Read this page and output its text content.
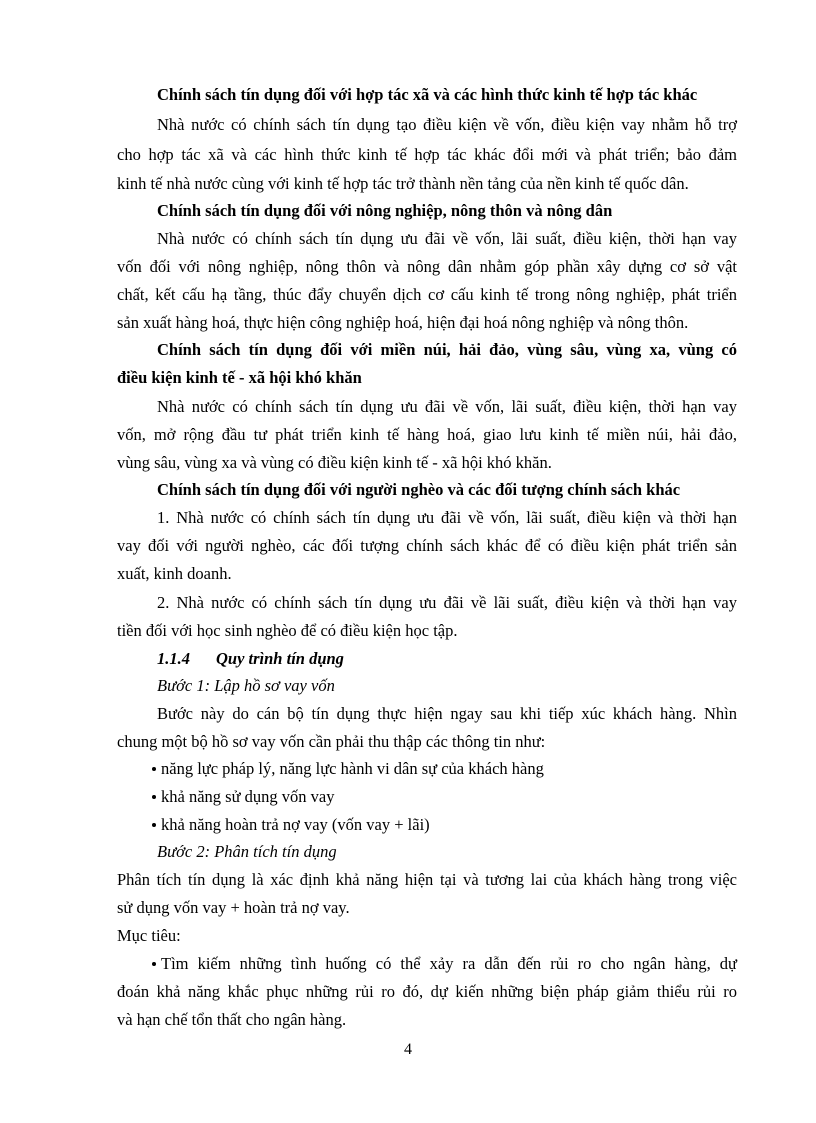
Chính sách tín dụng đối với hợp tác xã và các hình thức kinh tế hợp tác khác
Nhà nước có chính sách tín dụng tạo điều kiện về vốn, điều kiện vay nhằm hỗ trợ
cho hợp tác xã và các hình thức kinh tế hợp tác khác đổi mới và phát triển; bảo đảm
kinh tế nhà nước cùng với kinh tế hợp tác trở thành nền tảng của nền kinh tế quốc dân.
Chính sách tín dụng đối với nông nghiệp, nông thôn và nông dân
Nhà nước có chính sách tín dụng ưu đãi về vốn, lãi suất, điều kiện, thời hạn vay
vốn đối với nông nghiệp, nông thôn và nông dân nhằm góp phần xây dựng cơ sở vật
chất, kết cấu hạ tầng, thúc đẩy chuyển dịch cơ cấu kinh tế trong nông nghiệp, phát triển
sản xuất hàng hoá, thực hiện công nghiệp hoá, hiện đại hoá nông nghiệp và nông thôn.
Chính sách tín dụng đối với miền núi, hải đảo, vùng sâu, vùng xa, vùng có
điều kiện kinh tế - xã hội khó khăn
Nhà nước có chính sách tín dụng ưu đãi về vốn, lãi suất, điều kiện, thời hạn vay
vốn, mở rộng đầu tư phát triển kinh tế hàng hoá, giao lưu kinh tế miền núi, hải đảo,
vùng sâu, vùng xa và vùng có điều kiện kinh tế - xã hội khó khăn.
Chính sách tín dụng đối với người nghèo và các đối tượng chính sách khác
1. Nhà nước có chính sách tín dụng ưu đãi về vốn, lãi suất, điều kiện và thời hạn
vay đối với người nghèo, các đối tượng chính sách khác để có điều kiện phát triển sản
xuất, kinh doanh.
2. Nhà nước có chính sách tín dụng ưu đãi về lãi suất, điều kiện và thời hạn vay
tiền đối với học sinh nghèo để có điều kiện học tập.
1.1.4 Quy trình tín dụng
Bước 1: Lập hồ sơ vay vốn
Bước này do cán bộ tín dụng thực hiện ngay sau khi tiếp xúc khách hàng. Nhìn
chung một bộ hồ sơ vay vốn cần phải thu thập các thông tin như:
năng lực pháp lý, năng lực hành vi dân sự của khách hàng
khả năng sử dụng vốn vay
khả năng hoàn trả nợ vay (vốn vay + lãi)
Bước 2: Phân tích tín dụng
Phân tích tín dụng là xác định khả năng hiện tại và tương lai của khách hàng trong việc
sử dụng vốn vay + hoàn trả nợ vay.
Mục tiêu:
Tìm kiếm những tình huống có thể xảy ra dẫn đến rủi ro cho ngân hàng, dự
đoán khả năng khắc phục những rủi ro đó, dự kiến những biện pháp giảm thiểu rủi ro
và hạn chế tổn thất cho ngân hàng.
4
